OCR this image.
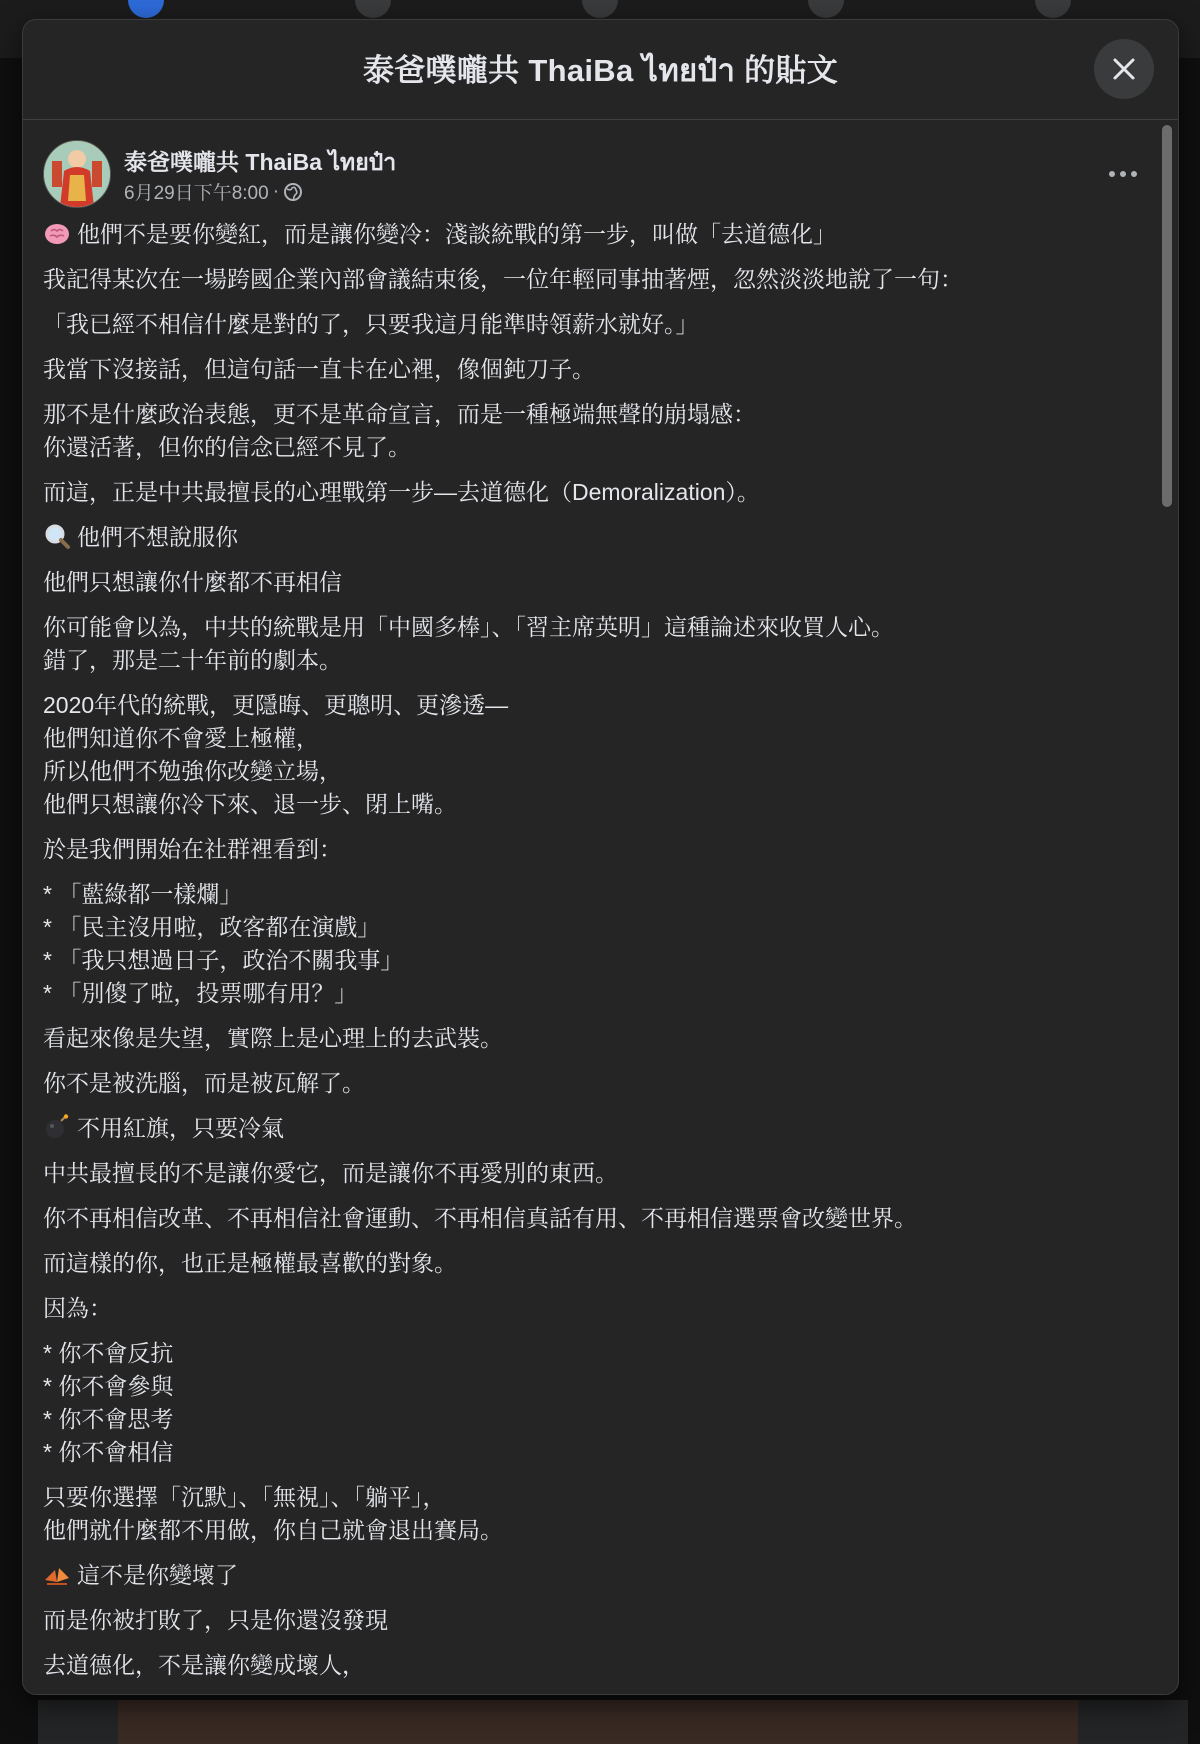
泰爸噗嚨共 ThaiBa ไทยป๋า 的貼文
泰爸噗嚨共 ThaiBa ไทยป๋า
6月29日下午8:00 ·
他們不是要你變紅，而是讓你變冷：淺談統戰的第一步，叫做「去道德化」
我記得某次在一場跨國企業內部會議結束後，一位年輕同事抽著煙，忽然淡淡地說了一句：
「我已經不相信什麼是對的了，只要我這月能準時領薪水就好。」
我當下沒接話，但這句話一直卡在心裡，像個鈍刀子。
那不是什麼政治表態，更不是革命宣言，而是一種極端無聲的崩塌感：
你還活著，但你的信念已經不見了。
而這，正是中共最擅長的心理戰第一步—去道德化（Demoralization）。
他們不想說服你
他們只想讓你什麼都不再相信
你可能會以為，中共的統戰是用「中國多棒」、「習主席英明」這種論述來收買人心。
錯了，那是二十年前的劇本。
2020年代的統戰，更隱晦、更聰明、更滲透—
他們知道你不會愛上極權，
所以他們不勉強你改變立場，
他們只想讓你冷下來、退一步、閉上嘴。
於是我們開始在社群裡看到：
* 「藍綠都一樣爛」
* 「民主沒用啦，政客都在演戲」
* 「我只想過日子，政治不關我事」
* 「別傻了啦，投票哪有用？」
看起來像是失望，實際上是心理上的去武裝。
你不是被洗腦，而是被瓦解了。
不用紅旗，只要冷氣
中共最擅長的不是讓你愛它，而是讓你不再愛別的東西。
你不再相信改革、不再相信社會運動、不再相信真話有用、不再相信選票會改變世界。
而這樣的你，也正是極權最喜歡的對象。
因為：
* 你不會反抗
* 你不會參與
* 你不會思考
* 你不會相信
只要你選擇「沉默」、「無視」、「躺平」，
他們就什麼都不用做，你自己就會退出賽局。
這不是你變壞了
而是你被打敗了，只是你還沒發現
去道德化，不是讓你變成壞人，
